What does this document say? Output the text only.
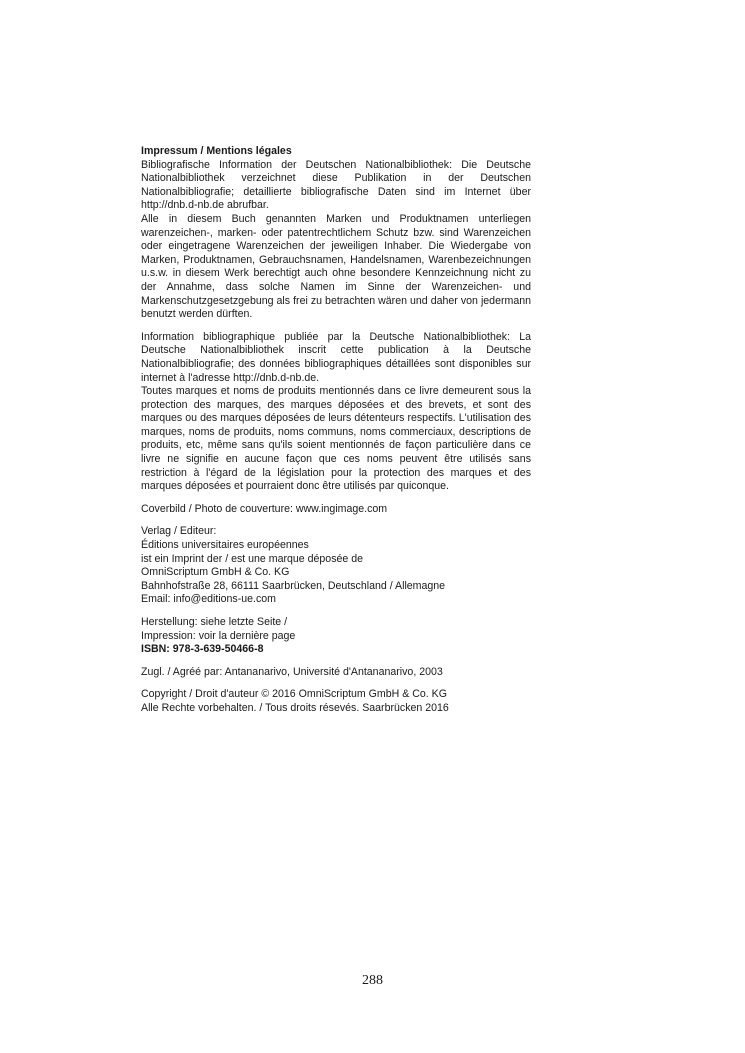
Impressum / Mentions légales

Bibliografische Information der Deutschen Nationalbibliothek: Die Deutsche Nationalbibliothek verzeichnet diese Publikation in der Deutschen Nationalbibliografie; detaillierte bibliografische Daten sind im Internet über http://dnb.d-nb.de abrufbar.

Alle in diesem Buch genannten Marken und Produktnamen unterliegen warenzeichen-, marken- oder patentrechtlichem Schutz bzw. sind Warenzeichen oder eingetragene Warenzeichen der jeweiligen Inhaber. Die Wiedergabe von Marken, Produktnamen, Gebrauchsnamen, Handelsnamen, Warenbezeichnungen u.s.w. in diesem Werk berechtigt auch ohne besondere Kennzeichnung nicht zu der Annahme, dass solche Namen im Sinne der Warenzeichen- und Markenschutzgesetzgebung als frei zu betrachten wären und daher von jedermann benutzt werden dürften.

Information bibliographique publiée par la Deutsche Nationalbibliothek: La Deutsche Nationalbibliothek inscrit cette publication à la Deutsche Nationalbibliografie; des données bibliographiques détaillées sont disponibles sur internet à l'adresse http://dnb.d-nb.de.

Toutes marques et noms de produits mentionnés dans ce livre demeurent sous la protection des marques, des marques déposées et des brevets, et sont des marques ou des marques déposées de leurs détenteurs respectifs. L'utilisation des marques, noms de produits, noms communs, noms commerciaux, descriptions de produits, etc, même sans qu'ils soient mentionnés de façon particulière dans ce livre ne signifie en aucune façon que ces noms peuvent être utilisés sans restriction à l'égard de la législation pour la protection des marques et des marques déposées et pourraient donc être utilisés par quiconque.

Coverbild / Photo de couverture: www.ingimage.com

Verlag / Editeur:

Éditions universitaires européennes

ist ein Imprint der / est une marque déposée de

OmniScriptum GmbH & Co. KG

Bahnhofstraße 28, 66111 Saarbrücken, Deutschland / Allemagne

Email: info@editions-ue.com

Herstellung: siehe letzte Seite /

Impression: voir la dernière page

ISBN: 978-3-639-50466-8

Zugl. / Agréé par: Antananarivo, Université d'Antananarivo, 2003

Copyright / Droit d'auteur © 2016 OmniScriptum GmbH & Co. KG

Alle Rechte vorbehalten. / Tous droits résevés. Saarbrücken 2016

288
